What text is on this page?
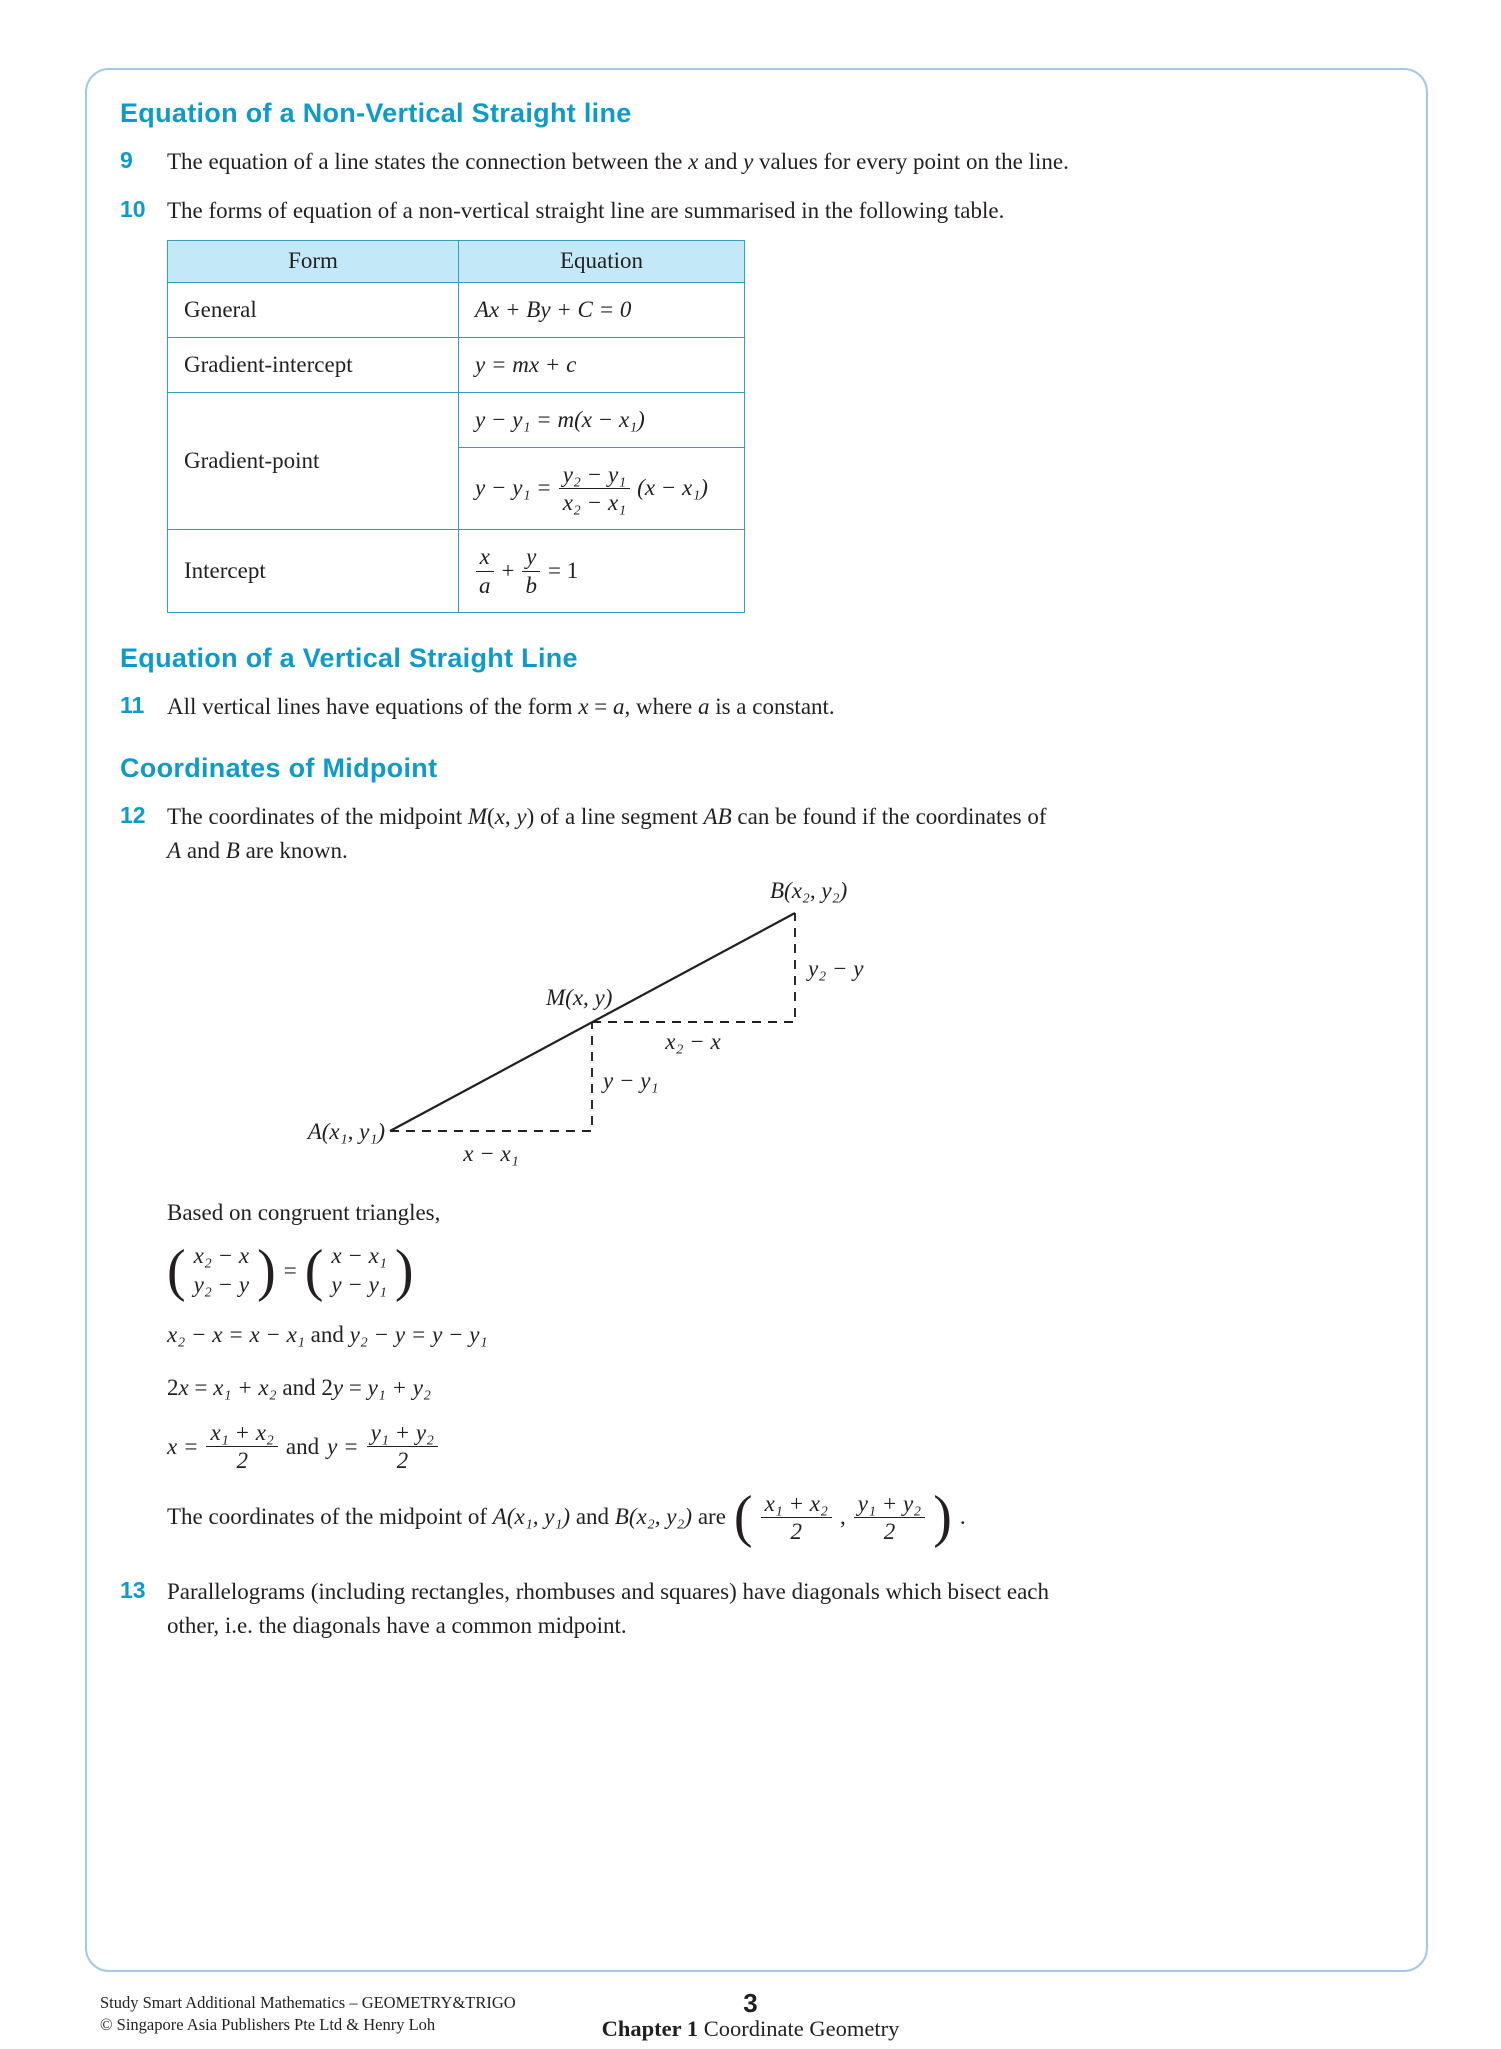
Equation of a Non-Vertical Straight line
9	The equation of a line states the connection between the x and y values for every point on the line.
10 The forms of equation of a non-vertical straight line are summarised in the following table.
Form	Equation
General	Ax + By + C = 0
Gradient-intercept	y = mx + c
Gradient-point	y − y₁ = m(x − x₁)

	$y - y_1 = \frac{\text{y₂ − y₁}}{\text{x₂ − x₁}} (x - x_1)$

Intercept	$\frac{x}{a} + \frac{y}{b} = 1$
Equation of a Vertical Straight Line
11 All vertical lines have equations of the form x = a, where a is a constant.
Coordinates of Midpoint
12 The coordinates of the midpoint M(x, y) of a line segment AB can be found if the coordinates of
A and B are known.
B(x₂, y₂)
M(x, y)
A(x₁, y₁)
y₂ − y
x₂ − x
y − y₁
x − x₁
Based on congruent triangles,
( x₂ − x
y₂ − y ) = ( x − x₁
y − y₁ )
x₂ − x = x − x₁ and y₂ − y = y − y₁
2x = x₁ + x₂ and 2y = y₁ + y₂
$x = \frac{\text{x₁ + x₂}}{2}$ and $y = \frac{\text{y₁ + y₂}}{2}$
The coordinates of the midpoint of A(x₁, y₁) and B(x₂, y₂) are ( $\frac{\text{x₁ + x₂}}{2}$ , $\frac{\text{y₁ + y₂}}{2}$ ) .
13 Parallelograms (including rectangles, rhombuses and squares) have diagonals which bisect each
other, i.e. the diagonals have a common midpoint.
Study Smart Additional Mathematics – GEOMETRY&TRIGO
© Singapore Asia Publishers Pte Ltd & Henry Loh
3
Chapter 1 Coordinate Geometry
